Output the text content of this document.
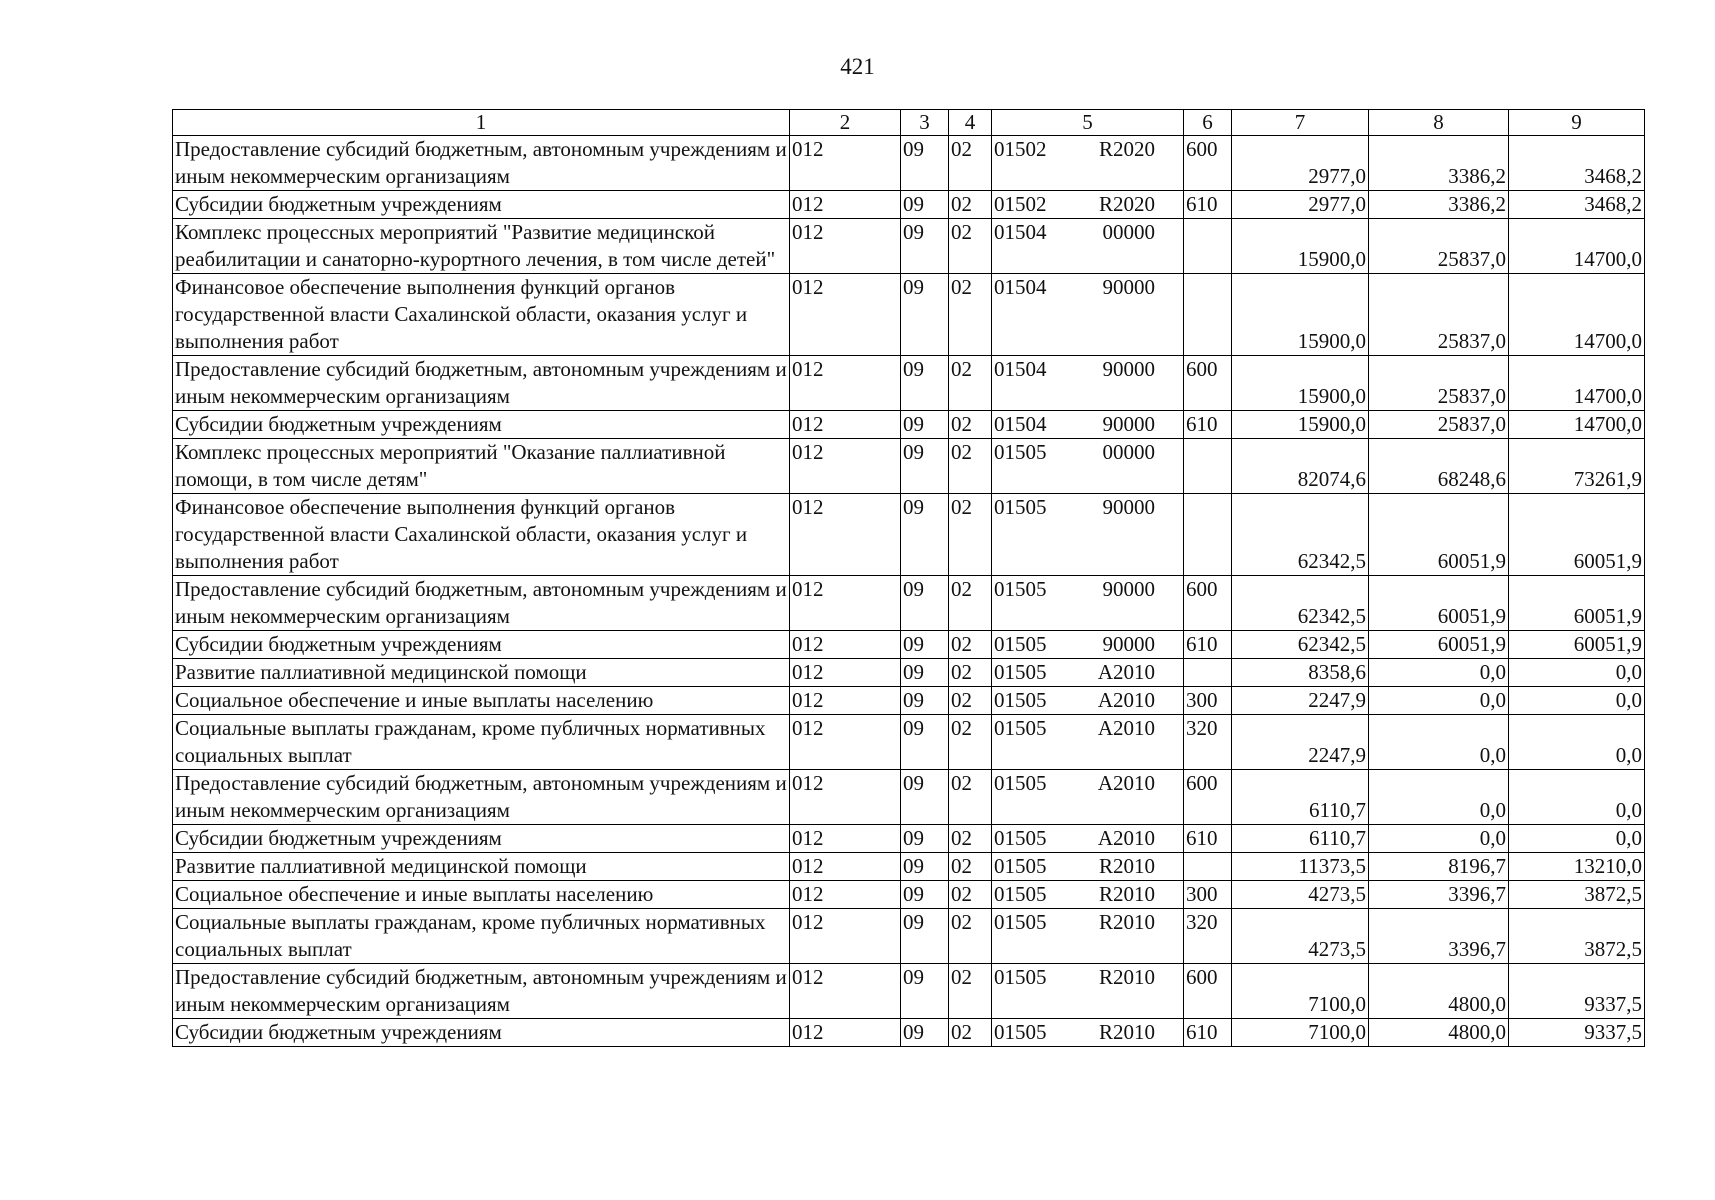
421
1	2	3	4	5	6	7	8	9
Предоставление субсидий бюджетным, автономным учреждениям и иным некоммерческим организациям	012	09	02	01502 R2020	600	2977,0	3386,2	3468,2
Субсидии бюджетным учреждениям	012	09	02	01502 R2020	610	2977,0	3386,2	3468,2
Комплекс процессных мероприятий "Развитие медицинской реабилитации и санаторно-курортного лечения, в том числе детей"	012	09	02	01504 00000		15900,0	25837,0	14700,0
Финансовое обеспечение выполнения функций органов государственной власти Сахалинской области, оказания услуг и выполнения работ	012	09	02	01504 90000		15900,0	25837,0	14700,0
Предоставление субсидий бюджетным, автономным учреждениям и иным некоммерческим организациям	012	09	02	01504 90000	600	15900,0	25837,0	14700,0
Субсидии бюджетным учреждениям	012	09	02	01504 90000	610	15900,0	25837,0	14700,0
Комплекс процессных мероприятий "Оказание паллиативной помощи, в том числе детям"	012	09	02	01505 00000		82074,6	68248,6	73261,9
Финансовое обеспечение выполнения функций органов государственной власти Сахалинской области, оказания услуг и выполнения работ	012	09	02	01505 90000		62342,5	60051,9	60051,9
Предоставление субсидий бюджетным, автономным учреждениям и иным некоммерческим организациям	012	09	02	01505 90000	600	62342,5	60051,9	60051,9
Субсидии бюджетным учреждениям	012	09	02	01505 90000	610	62342,5	60051,9	60051,9
Развитие паллиативной медицинской помощи	012	09	02	01505 A2010		8358,6	0,0	0,0
Социальное обеспечение и иные выплаты населению	012	09	02	01505 A2010	300	2247,9	0,0	0,0
Социальные выплаты гражданам, кроме публичных нормативных социальных выплат	012	09	02	01505 A2010	320	2247,9	0,0	0,0
Предоставление субсидий бюджетным, автономным учреждениям и иным некоммерческим организациям	012	09	02	01505 A2010	600	6110,7	0,0	0,0
Субсидии бюджетным учреждениям	012	09	02	01505 A2010	610	6110,7	0,0	0,0
Развитие паллиативной медицинской помощи	012	09	02	01505 R2010		11373,5	8196,7	13210,0
Социальное обеспечение и иные выплаты населению	012	09	02	01505 R2010	300	4273,5	3396,7	3872,5
Социальные выплаты гражданам, кроме публичных нормативных социальных выплат	012	09	02	01505 R2010	320	4273,5	3396,7	3872,5
Предоставление субсидий бюджетным, автономным учреждениям и иным некоммерческим организациям	012	09	02	01505 R2010	600	7100,0	4800,0	9337,5
Субсидии бюджетным учреждениям	012	09	02	01505 R2010	610	7100,0	4800,0	9337,5
